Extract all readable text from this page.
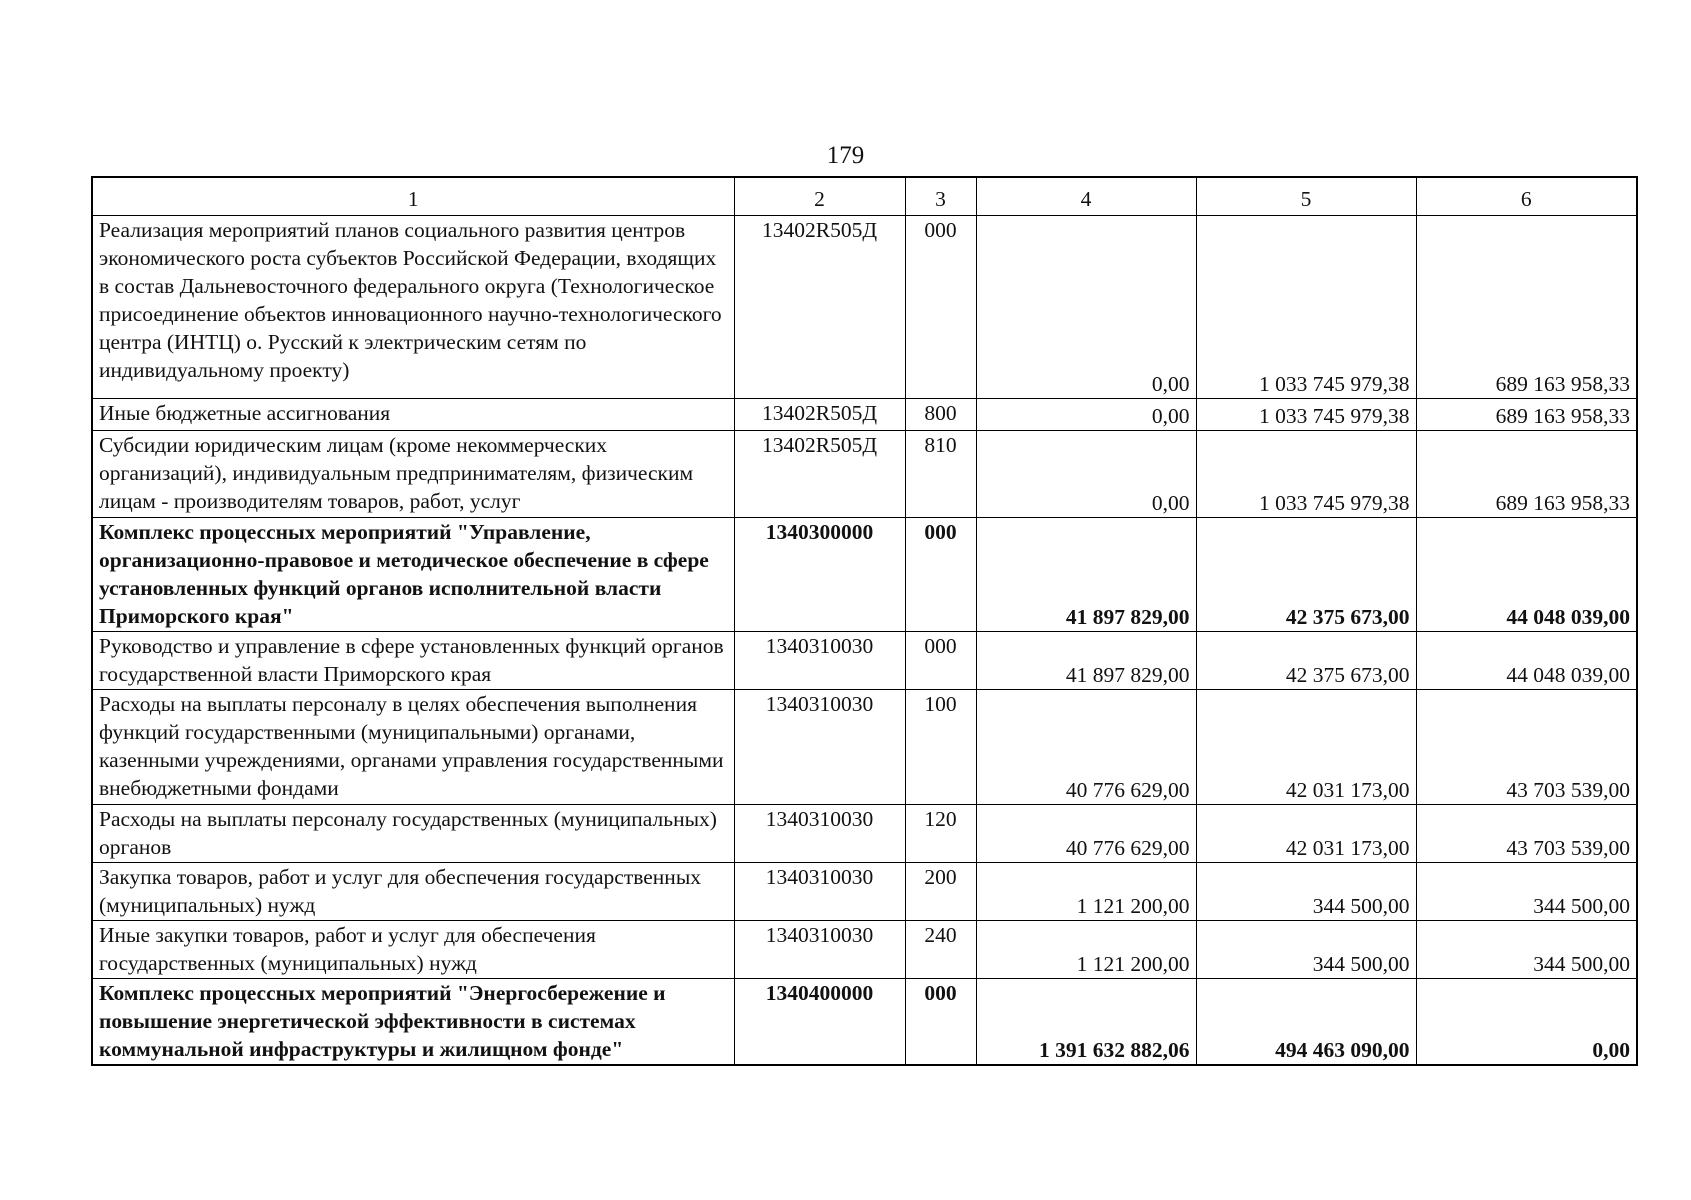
179
1	2	3	4	5	6
Реализация мероприятий планов социального развития центров экономического роста субъектов Российской Федерации, входящих в состав Дальневосточного федерального округа (Технологическое присоединение объектов инновационного научно-технологического центра (ИНТЦ) о. Русский к электрическим сетям по индивидуальному проекту)	13402R505Д	000	0,00	1 033 745 979,38	689 163 958,33
Иные бюджетные ассигнования	13402R505Д	800	0,00	1 033 745 979,38	689 163 958,33
Субсидии юридическим лицам (кроме некоммерческих организаций), индивидуальным предпринимателям, физическим лицам - производителям товаров, работ, услуг	13402R505Д	810	0,00	1 033 745 979,38	689 163 958,33
Комплекс процессных мероприятий "Управление, организационно-правовое и методическое обеспечение в сфере установленных функций органов исполнительной власти Приморского края"	1340300000	000	41 897 829,00	42 375 673,00	44 048 039,00
Руководство и управление в сфере установленных функций органов государственной власти Приморского края	1340310030	000	41 897 829,00	42 375 673,00	44 048 039,00
Расходы на выплаты персоналу в целях обеспечения выполнения функций государственными (муниципальными) органами, казенными учреждениями, органами управления государственными внебюджетными фондами	1340310030	100	40 776 629,00	42 031 173,00	43 703 539,00
Расходы на выплаты персоналу государственных (муниципальных) органов	1340310030	120	40 776 629,00	42 031 173,00	43 703 539,00
Закупка товаров, работ и услуг для обеспечения государственных (муниципальных) нужд	1340310030	200	1 121 200,00	344 500,00	344 500,00
Иные закупки товаров, работ и услуг для обеспечения государственных (муниципальных) нужд	1340310030	240	1 121 200,00	344 500,00	344 500,00
Комплекс процессных мероприятий "Энергосбережение и повышение энергетической эффективности в системах коммунальной инфраструктуры и жилищном фонде"	1340400000	000	1 391 632 882,06	494 463 090,00	0,00
